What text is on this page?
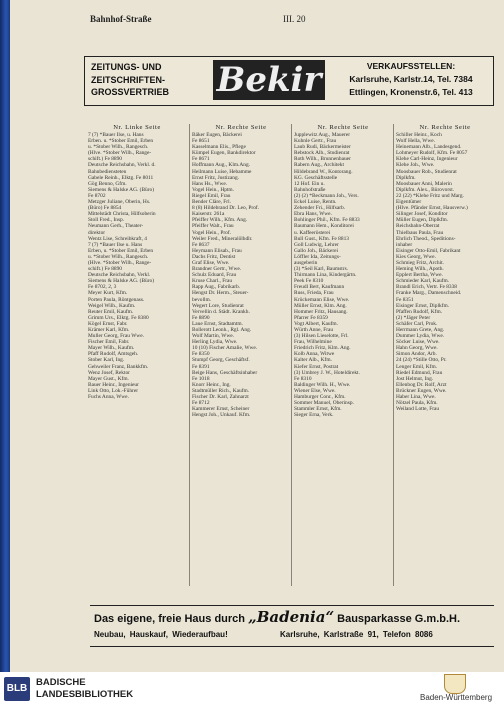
Bahnhof-Straße	III. 20
ZEITUNGS- UND
ZEITSCHRIFTEN-
GROSSVERTRIEB	Bekir	VERKAUFSSTELLEN:
Karlsruhe, Karlstr.14, Tel. 7384
Ettlingen, Kronenstr.6, Tel. 413
Nr. Linke Seite
7 (7) *Bauer Ilse, u. Hans
Erben. u. *Stober Emil, Erben
u. *Stober Wilh., Rangesch.
(Hlve. *Stober Wilh., Range-
schift.) Fe 8890
Deutsche Reichsbahn, Verkl. d.
Bahnbediensteten
Gabele Reinh., Elktg. Fe 8011
Gög Benno, Gfm.
Siemens & Halske AG. (Büro)
Fe 8702
Metzger Juliane, Oberin, Hs.
(Büro) Fe 8854
Mittelstädt Christa, Hilfsoberin
Stoll Fred., Insp.
Neumann Gerh., Theater-
direktor
Wentz Lise, Schreibkraft, 4
7 (7) *Bauer Ilse u. Hans
Erben, u. *Stober Emil, Erben
u. *Stober Wilh., Rangesch.
(Hlve. *Stober Wilh., Range-
schift.) Fe 8890
Deutsche Reichsbahn, Verkl.
Siemens & Halske AG. (Büro)
Fe 8702, 2, 3
Meyer Kurt, Kfm.
Porten Paula, Röntgenass.
Weigel Wilh., Kaufm.
Reuter Emil, Kaufm.
Grimm Urs., Elktg. Fe 8380
Kögel Ernst, Fabr.
Krämer Karl, Kfm.
Muller Georg, Frau Wwe.
Fischer Emil, Fabr.
Mayer Wilh., Kaufm.
Pfaff Rudolf, Amtsgeh.
Stober Karl, Ing.
Gehweiler Franz, Bankkfm.
Wenz Josef, Rektor
Mayer Gust., Kfm.
Bauer Heinr., Ingenieur
Link Otto, Lok.-Führer
Fuchs Anna, Wwe.
Nr. Rechte Seite
Bäker Eugen, Bäckerei
Fe 8651
Kasselmann Elis., Pflege
Kümpel Eugen, Bankdirektor
Fe 8671
Hoffmann Aug., Klm.Ang.
Heilmann Luise, Hebamme
Ernst Fritz, Justizang.
Hans Hs., Wwe.
Vogel Hein., Hptm.
Riegel Emil, Frau
Bender Cläre, Frl.
8 (8) Hildebrand Dr. Leo, Prof.
Kaiserstr. 261a
Pfeiffer Wilh., Kfm. Ang.
Pfeiffer Walt., Frau
Vogel Hein., Prof.
Weiler Fred., Mineralölhdlr.
Fe 8637
Heymann Elisab., Frau
Dachs Fritz, Dentist
Graf Elise, Wwe.
Brandner Gertr., Wwe.
Schulz Eduard, Frau
Kruse Charl., Frau
Rapp Aug., Fabrikarb.
Hengst Dr. Herm., Steuer-
bevollm.
Wegert Lore, Studienrat
Vervellin d. Städt. Krankh.
Fe 8890
Laue Ernst, Stadtamtm.
Bollerott Leonh., Rgl. Ang.
Wolf Martin, Wwe.
Herling Lydia, Wwe.
10 (10) Fischer Amalie, Wwe.
Fe 8350
Stumpf Georg, Geschäftsf.
Fe 8391
Beige Hans, Geschäftsinhaber
Fe 1018
Knorr Heinr., Ing.
Stadtmüller Rich., Kaufm.
Fischer Dr. Karl, Zahnarzt
Fe 8712
Kammerer Ernst, Scheiner
Hengst Joh., Unkauf. Kfm.
Nr. Rechte Seite
Jupplewitz Aug., Mauerer
Kuhnle Gertr., Frau
Laub Rudi, Bäckermeister
Rebstock Alb., Studienrat
Roth Wilh., Brunnenbauer
Rabern Aug., Architekt
Hildebrand W., Kontorang.
KG. Geschäftsstelle
12 Hof. Ein u.
Bahnhofstraße
(2) (2) *Beckmann Joh., Vers.
Eckel Luise, Rentn.
Zehender Fri., Hilfsarb.
Ebra Hans, Wwe.
Bohlinger Phil., Kfm. Fe 8833
Baumann Hem., Konditorei
u. Kaffeerösterei
Bull Gust., Kfm. Fe 8813
Goll Ludwig, Lehrer
Gallo Joh., Bäckerei
Löffler Ida, Zeitungs-
ausgeberin
(3) *Seil Karl, Baumstrs.
Thirmann Lina, Kindergärtn.
Peek Fe 8310
Freudl Bert, Kaufmann
Russ, Frieda, Frau
Krückemann Elise, Wwe.
Müller Ernst, Klm. Ang.
Hommer Fritz, Hausang.
Pfarrer Fe 8359
Vogt Albert, Kaufm.
Würth Anne, Frau
(3) Hilsen Lieselotte, Frl.
Frau, Wilhelmine
Friedrich Fritz, Klm. Ang.
Kolb Anna, Witwe
Kalter Alb., Kfm.
Kiefer Ernst, Postrat
(3) Umbrey J. W., Hoteldirekt.
Fe 8310
Baldinger Wilh. H., Wwe.
Wiener Else, Wwe.
Hamburger Conr., Kfm.
Sommer Manuel, Oberinsp.
Stammler Ernst, Kfm.
Sieger Erna, Verk.
Nr. Rechte Seite
Schiller Heinr., Koch
Wolf Hella, Wwe.
Heinemann Alb., Landesgend.
Lohmeyer Rudolf, Kfm. Fe 8057
Klehe Carl-Heinz, Ingenieur
Klehe Joh., Wwe.
Moosbauer Rob., Studienrat
Diplkfm.
Moosbauer Anni, Malerin
Diplkfm. Alex., Bürovorst.
22 (22) *Klehe Fritz und Marg.
Eigentümer
(Hlve. Pfänder Ernst, Hausverw.)
Silinger Josef, Konditor
Müller Eugen, Diplkfm.
Reichsbahn-Oberrat
Thielbaus Paula, Frau
Ehrlich Theod., Speditions-
inhaber
Eisinger Otto-Emil, Fabrikant
Kies Georg, Wwe.
Schmieg Fritz, Archit.
Heming Wilh., Apoth.
Epplert Bertha, Wwe.
Schmieder Karl, Kaufm.
Brandl Erich, Vertr. Fe 8338
Franke Marg., Damenschneid.
Fe 8351
Eisinger Ernst, Diplkfm.
Pfaffen Rudolf, Kfm.
(2) *Jäger Peter
Schäfer Carl, Prok.
Herrmann Grete, Ang.
Dummer Lydia, Wwe.
Söcker Luise, Wwe.
Hahn Georg, Wwe.
Simon Andor, Arb.
24 (24) *Stille Otto, Pr.
Lenger Emil, Kfm.
Riedel Edmund, Frau
Jost Helmut, Ing.
Ellenbog Dr. Rolf, Arzt
Brückner Eugen, Wwe.
Haber Lina, Wwe.
Nötzel Paula, Kfm.
Weiland Lotte, Frau
Das eigene, freie Haus durch „Badenia“ Bausparkasse G.m.b.H.
Neubau, Hauskauf, Wiederaufbau!	Karlsruhe, Karlstraße 91, Telefon 8086
BLB
BADISCHE
LANDESBIBLIOTHEK	Baden-Württemberg
